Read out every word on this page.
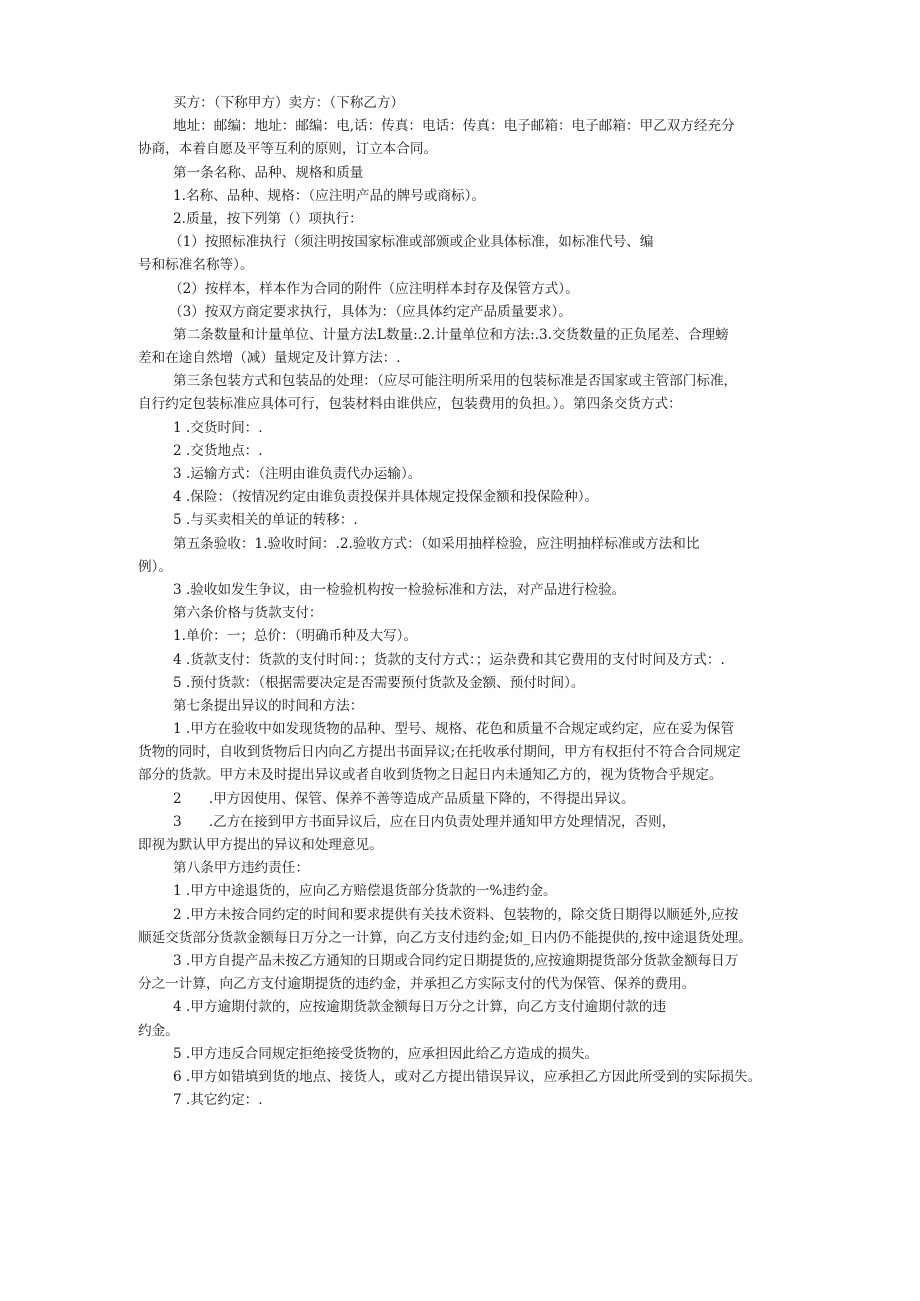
买方：（下称甲方）卖方：（下称乙方）
地址：邮编：地址：邮编：电,话：传真：电话：传真：电子邮箱：电子邮箱：甲乙双方经充分
协商，本着自愿及平等互利的原则，订立本合同。
第一条名称、品种、规格和质量
1.名称、品种、规格：（应注明产品的牌号或商标）。
2.质量，按下列第（）项执行：
（1）按照标准执行（须注明按国家标准或部颁或企业具体标准，如标准代号、编
号和标准名称等）。
（2）按样本，样本作为合同的附件（应注明样本封存及保管方式）。
（3）按双方商定要求执行，具体为：（应具体约定产品质量要求）。
第二条数量和计量单位、计量方法L数量:.2.计量单位和方法:.3.交货数量的正负尾差、合理螃
差和在途自然增（减）量规定及计算方法：.
第三条包装方式和包装品的处理：（应尽可能注明所采用的包装标准是否国家或主管部门标准，
自行约定包装标准应具体可行，包装材料由谁供应，包装费用的负担。）。第四条交货方式：
1 .交货时间：.
2 .交货地点：.
3 .运输方式：（注明由谁负责代办运输）。
4 .保险：（按情况约定由谁负责投保并具体规定投保金额和投保险种）。
5 .与买卖相关的单证的转移：.
第五条验收：1.验收时间：.2.验收方式：（如采用抽样检验，应注明抽样标准或方法和比
例）。
3 .验收如发生争议，由一检验机构按一检验标准和方法，对产品进行检验。
第六条价格与货款支付：
1.单价：一；总价：（明确币种及大写）。
4 .货款支付：货款的支付时间：；货款的支付方式：；运杂费和其它费用的支付时间及方式：.
5 .预付货款：（根据需要决定是否需要预付货款及金额、预付时间）。
第七条提出异议的时间和方法：
1 .甲方在验收中如发现货物的品种、型号、规格、花色和质量不合规定或约定，应在妥为保管
货物的同时，自收到货物后日内向乙方提出书面异议;在托收承付期间，甲方有权拒付不符合合同规定
部分的货款。甲方未及时提出异议或者自收到货物之日起日内未通知乙方的，视为货物合乎规定。
2　　.甲方因使用、保管、保养不善等造成产品质量下降的，不得提出异议。
3　　.乙方在接到甲方书面异议后，应在日内负责处理并通知甲方处理情况，否则，
即视为默认甲方提出的异议和处理意见。
第八条甲方违约责任：
1 .甲方中途退货的，应向乙方赔偿退货部分货款的一%违约金。
2 .甲方未按合同约定的时间和要求提供有关技术资料、包装物的，除交货日期得以顺延外,应按
顺延交货部分货款金额每日万分之一计算，向乙方支付违约金;如_日内仍不能提供的,按中途退货处理。
3 .甲方自提产品未按乙方通知的日期或合同约定日期提货的,应按逾期提货部分货款金额每日万
分之一计算，向乙方支付逾期提货的违约金，并承担乙方实际支付的代为保管、保养的费用。
4 .甲方逾期付款的，应按逾期货款金额每日万分之计算，向乙方支付逾期付款的违
约金。
5 .甲方违反合同规定拒绝接受货物的，应承担因此给乙方造成的损失。
6 .甲方如错填到货的地点、接货人，或对乙方提出错误异议，应承担乙方因此所受到的实际损失。
7 .其它约定：.
